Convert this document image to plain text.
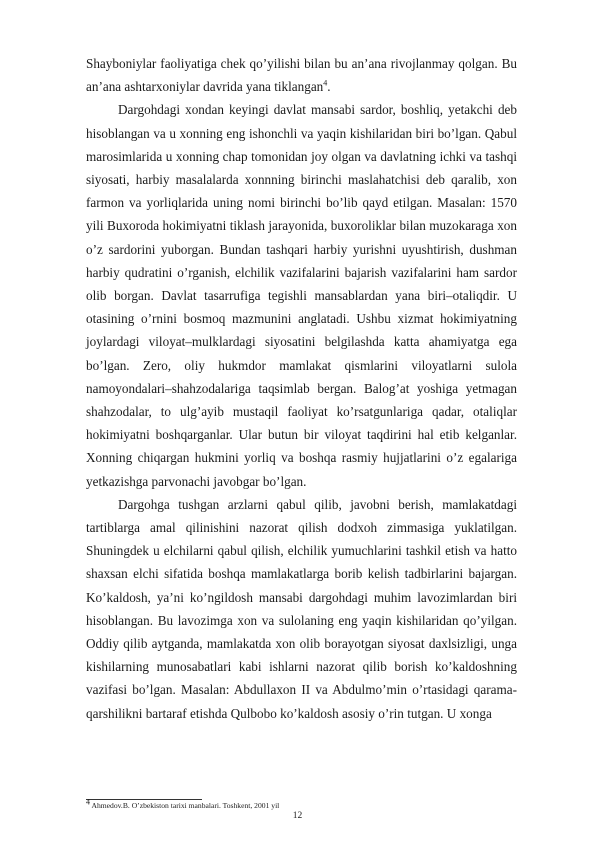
Shayboniylar faoliyatiga chek qo’yilishi bilan bu an’ana rivojlanmay qolgan. Bu an’ana ashtarxoniylar davrida yana tiklangan$^4$.

Dargohdagi xondan keyingi davlat mansabi sardor, boshliq, yetakchi deb hisoblangan va u xonning eng ishonchli va yaqin kishilaridan biri bo’lgan. Qabul marosimlarida u xonning chap tomonidan joy olgan va davlatning ichki va tashqi siyosati, harbiy masalalarda xonnning birinchi maslahatchisi deb qaralib, xon farmon va yorliqlarida uning nomi birinchi bo’lib qayd etilgan. Masalan: 1570 yili Buxoroda hokimiyatni tiklash jarayonida, buxoroliklar bilan muzokaraga xon o’z sardorini yuborgan. Bundan tashqari harbiy yurishni uyushtirish, dushman harbiy qudratini o’rganish, elchilik vazifalarini bajarish vazifalarini ham sardor olib borgan. Davlat tasarrufiga tegishli mansablardan yana biri–otaliqdir. U otasining o’rnini bosmoq mazmunini anglatadi. Ushbu xizmat hokimiyatning joylardagi viloyat–mulklardagi siyosatini belgilashda katta ahamiyatga ega bo’lgan. Zero, oliy hukmdor mamlakat qismlarini viloyatlarni sulola namoyondalari–shahzodalariga taqsimlab bergan. Balog’at yoshiga yetmagan shahzodalar, to ulg’ayib mustaqil faoliyat ko’rsatgunlariga qadar, otaliqlar hokimiyatni boshqarganlar. Ular butun bir viloyat taqdirini hal etib kelganlar. Xonning chiqargan hukmini yorliq va boshqa rasmiy hujjatlarini o’z egalariga yetkazishga parvonachi javobgar bo’lgan.

Dargohga tushgan arzlarni qabul qilib, javobni berish, mamlakatdagi tartiblarga amal qilinishini nazorat qilish dodxoh zimmasiga yuklatilgan. Shuningdek u elchilarni qabul qilish, elchilik yumuchlarini tashkil etish va hatto shaxsan elchi sifatida boshqa mamlakatlarga borib kelish tadbirlarini bajargan. Ko’kaldosh, ya’ni ko’ngildosh mansabi dargohdagi muhim lavozimlardan biri hisoblangan. Bu lavozimga xon va sulolaning eng yaqin kishilaridan qo’yilgan. Oddiy qilib aytganda, mamlakatda xon olib borayotgan siyosat daxlsizligi, unga kishilarning munosabatlari kabi ishlarni nazorat qilib borish ko’kaldoshning vazifasi bo’lgan. Masalan: Abdullaxon II va Abdulmo’min o’rtasidagi qarama-qarshilikni bartaraf etishda Qulbobo ko’kaldosh asosiy o’rin tutgan. U xonga

$^4$ Ahmedov.B. O’zbekiston tarixi manbalari. Toshkent, 2001 yil
12
